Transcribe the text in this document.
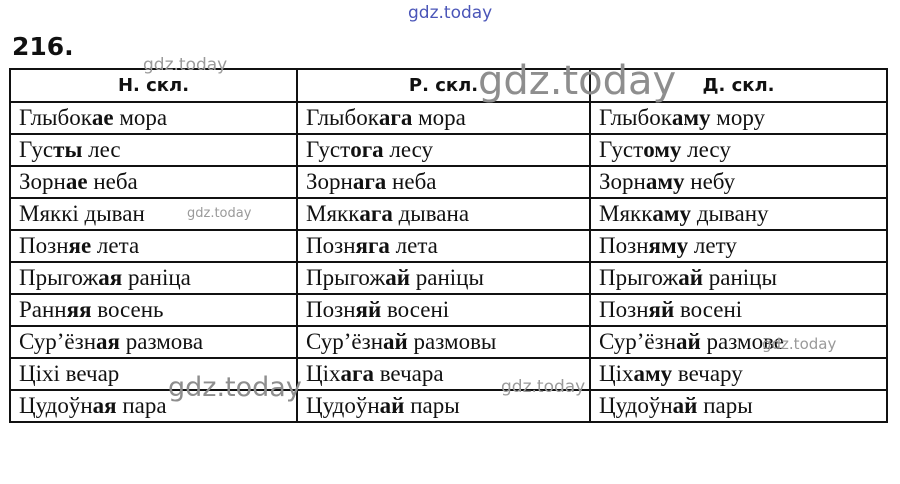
gdz.today
216.
Н. скл.	Р. скл.	Д. скл.
Глыбокае мора	Глыбокага мора	Глыбокаму мору
Густы лес	Густога лесу	Густому лесу
Зорнае неба	Зорнага неба	Зорнаму небу
Мяккі дыван	Мяккага дывана	Мяккаму дывану
Позняе лета	Позняга лета	Позняму лету
Прыгожая раніца	Прыгожай раніцы	Прыгожай раніцы
Ранняя восень	Позняй восені	Позняй восені
Сур’ёзная размова	Сур’ёзнай размовы	Сур’ёзнай размове
Ціхі вечар	Цiхага вечара	Ціхаму вечару
Цудоўная пара	Цудоўнай пары	Цудоўнай пары
gdz.today	gdz.today
gdz.today
gdz.today
gdz.today	gdz.today
